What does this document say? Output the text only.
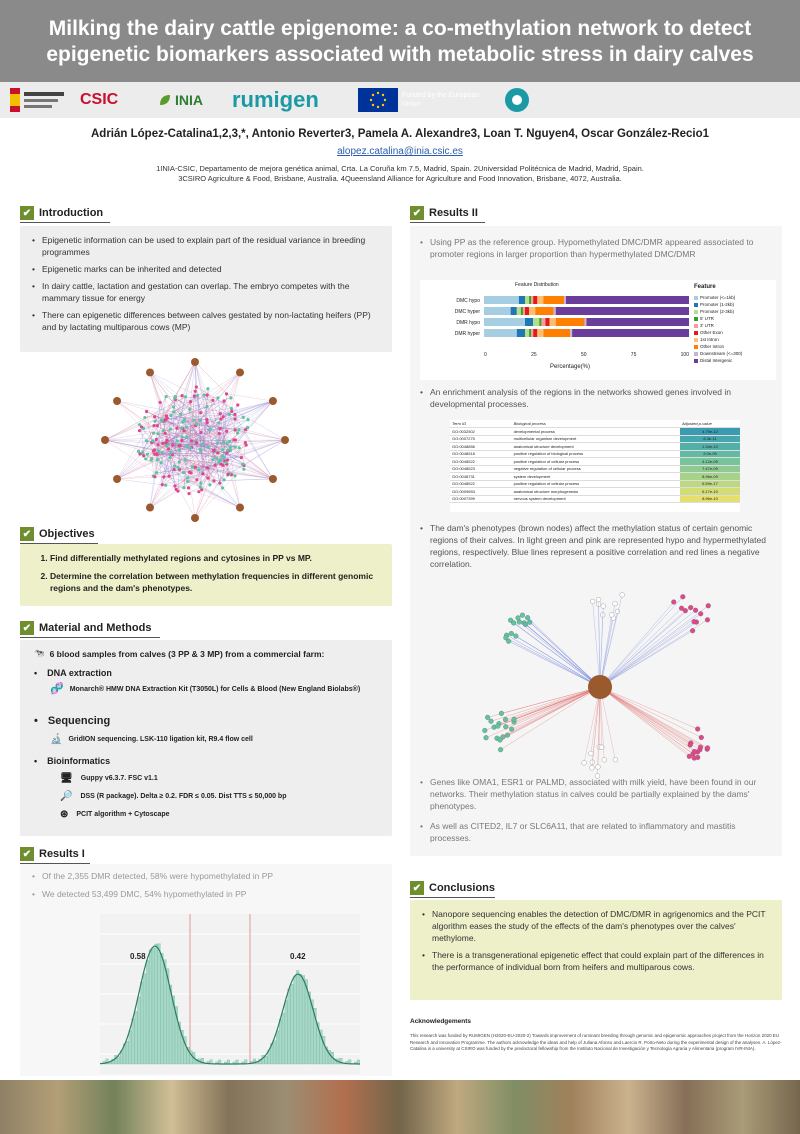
Milking the dairy cattle epigenome: a co-methylation network to detect
epigenetic biomarkers associated with metabolic stress in dairy calves
CSIC	INIA rumigen	Funded by the European Union
Adrián López-Catalina1,2,3,*, Antonio Reverter3, Pamela A. Alexandre3, Loan T. Nguyen4, Oscar González-Recio1
alopez.catalina@inia.csic.es
1INIA-CSIC, Departamento de mejora genética animal, Crta. La Coruña km 7.5, Madrid, Spain. 2Universidad Politécnica de Madrid, Madrid, Spain.
3CSIRO Agriculture & Food, Brisbane, Australia. 4Queensland Alliance for Agriculture and Food Innovation, Brisbane, 4072, Australia.
✔ Introduction
• Epigenetic information can be used to explain part of the residual variance in breeding programmes
• Epigenetic marks can be inherited and detected
• In dairy cattle, lactation and gestation can overlap. The embryo competes with the mammary tissue for energy
• There can epigenetic differences between calves gestated by non-lactating heifers (PP) and by lactating multiparous cows (MP)
✔ Objectives
1. Find differentially methylated regions and cytosines in PP vs MP.
2. Determine the correlation between methylation frequencies in different genomic regions and the dam's phenotypes.
✔ Material and Methods
🐄 6 blood samples from calves (3 PP & 3 MP) from a commercial farm:
• DNA extraction
🧬 Monarch® HMW DNA Extraction Kit (T3050L) for Cells & Blood (New England Biolabs®)
• Sequencing
🔬 GridION sequencing. LSK-110 ligation kit, R9.4 flow cell
• Bioinformatics
🖥 Guppy v6.3.7. FSC v1.1
🔎 DSS (R package). Delta ≥ 0.2. FDR ≤ 0.05. Dist TTS ≤ 50,000 bp
⊛ PCIT algorithm + Cytoscape
✔ Results I
• Of the 2,355 DMR detected, 58% were hypomethylated in PP
• We detected 53,499 DMC, 54% hypomethylated in PP
0.58	0.42
✔ Results II
• Using PP as the reference group. Hypomethylated DMC/DMR appeared associated to promoter regions in larger proportion than hypermethylated DMC/DMR
Feature Distribution
DMC hypo
DMC hyper
DMR hypo
DMR hyper
0	25	50	75	100
Percentage(%)
Feature
Promoter (<=1kb)
Promoter (1-2kb)
Promoter (2-3kb)
5' UTR
3' UTR
Other Exon
1st Intron
Other Intron
Downstream (<=300)
Distal Intergenic
• An enrichment analysis of the regions in the networks showed genes involved in developmental processes.
Term ID	Biological process	Adjusted p-value
GO:0032502	developmental process	4.79e-12
GO:0007275	multicellular organism development	8.3e-11
GO:0048856	anatomical structure development	1.34e-10
GO:0048518	positive regulation of biological process	2.0e-09
GO:0048522	positive regulation of cellular process	4.12e-09
GO:0048523	negative regulation of cellular process	7.47e-09
GO:0048731	system development	8.96e-09
GO:0048522	positive regulation of cellular process	6.59e-17
GO:0009653	anatomical structure morphogenesis	6.17e-10
GO:0007399	nervous system development	8.96e-10
• The dam's phenotypes (brown nodes) affect the methylation status of certain genomic regions of their calves. In light green and pink are represented hypo and hypermethylated regions, respectively. Blue lines represent a positive correlation and red lines a negative correlation.
• Genes like OMA1, ESR1 or PALMD, associated with milk yield, have been found in our networks. Their methylation status in calves could be partially explained by the dams' phenotypes.
• As well as CITED2, IL7 or SLC6A11, that are related to inflammatory and mastitis processes.
✔ Conclusions
• Nanopore sequencing enables the detection of DMC/DMR in agrigenomics and the PCIT algorithm eases the study of the effects of the dam's phenotypes over the calves' methylome.
• There is a transgenerational epigenetic effect that could explain part of the differences in the performance of individual born from heifers and multiparous cows.
Acknowledgements
This research was funded by RUMIGEN (H2020-EU-2020-2) Towards improvement of ruminant breeding through genomic and epigenomic approaches project from the Horizon 2020 EU Research and Innovation Programme. The authors acknowledge the ideas and help of Juliana Afonso and Laercio R. Porto-Neto during the experimental design of the analyses. A. López-Catalina is a university at CSIRO was funded by the predoctoral fellowship from the Instituto Nacional de Investigación y Tecnología Agraria y Alimentaria (program IVR-INIA).
